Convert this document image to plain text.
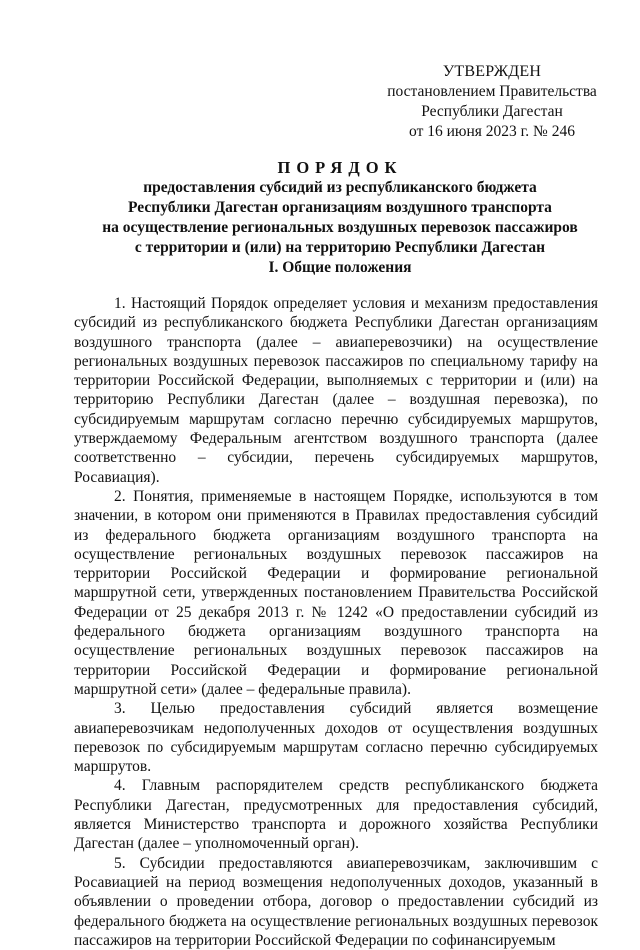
УТВЕРЖДЕН
постановлением Правительства
Республики Дагестан
от 16 июня 2023 г. № 246
ПОРЯДОК
предоставления субсидий из республиканского бюджета
Республики Дагестан организациям воздушного транспорта
на осуществление региональных воздушных перевозок пассажиров
с территории и (или) на территорию Республики Дагестан
I. Общие положения

1. Настоящий Порядок определяет условия и механизм предоставления субсидий из республиканского бюджета Республики Дагестан организациям воздушного транспорта (далее – авиаперевозчики) на осуществление региональных воздушных перевозок пассажиров по специальному тарифу на территории Российской Федерации, выполняемых с территории и (или) на территорию Республики Дагестан (далее – воздушная перевозка), по субсидируемым маршрутам согласно перечню субсидируемых маршрутов, утверждаемому Федеральным агентством воздушного транспорта (далее соответственно – субсидии, перечень субсидируемых маршрутов, Росавиация).

2. Понятия, применяемые в настоящем Порядке, используются в том значении, в котором они применяются в Правилах предоставления субсидий из федерального бюджета организациям воздушного транспорта на осуществление региональных воздушных перевозок пассажиров на территории Российской Федерации и формирование региональной маршрутной сети, утвержденных постановлением Правительства Российской Федерации от 25 декабря 2013 г. № 1242 «О предоставлении субсидий из федерального бюджета организациям воздушного транспорта на осуществление региональных воздушных перевозок пассажиров на территории Российской Федерации и формирование региональной маршрутной сети» (далее – федеральные правила).

3. Целью предоставления субсидий является возмещение авиаперевозчикам недополученных доходов от осуществления воздушных перевозок по субсидируемым маршрутам согласно перечню субсидируемых маршрутов.

4. Главным распорядителем средств республиканского бюджета Республики Дагестан, предусмотренных для предоставления субсидий, является Министерство транспорта и дорожного хозяйства Республики Дагестан (далее – уполномоченный орган).

5. Субсидии предоставляются авиаперевозчикам, заключившим с Росавиацией на период возмещения недополученных доходов, указанный в объявлении о проведении отбора, договор о предоставлении субсидий из федерального бюджета на осуществление региональных воздушных перевозок пассажиров на территории Российской Федерации по софинансируемым
